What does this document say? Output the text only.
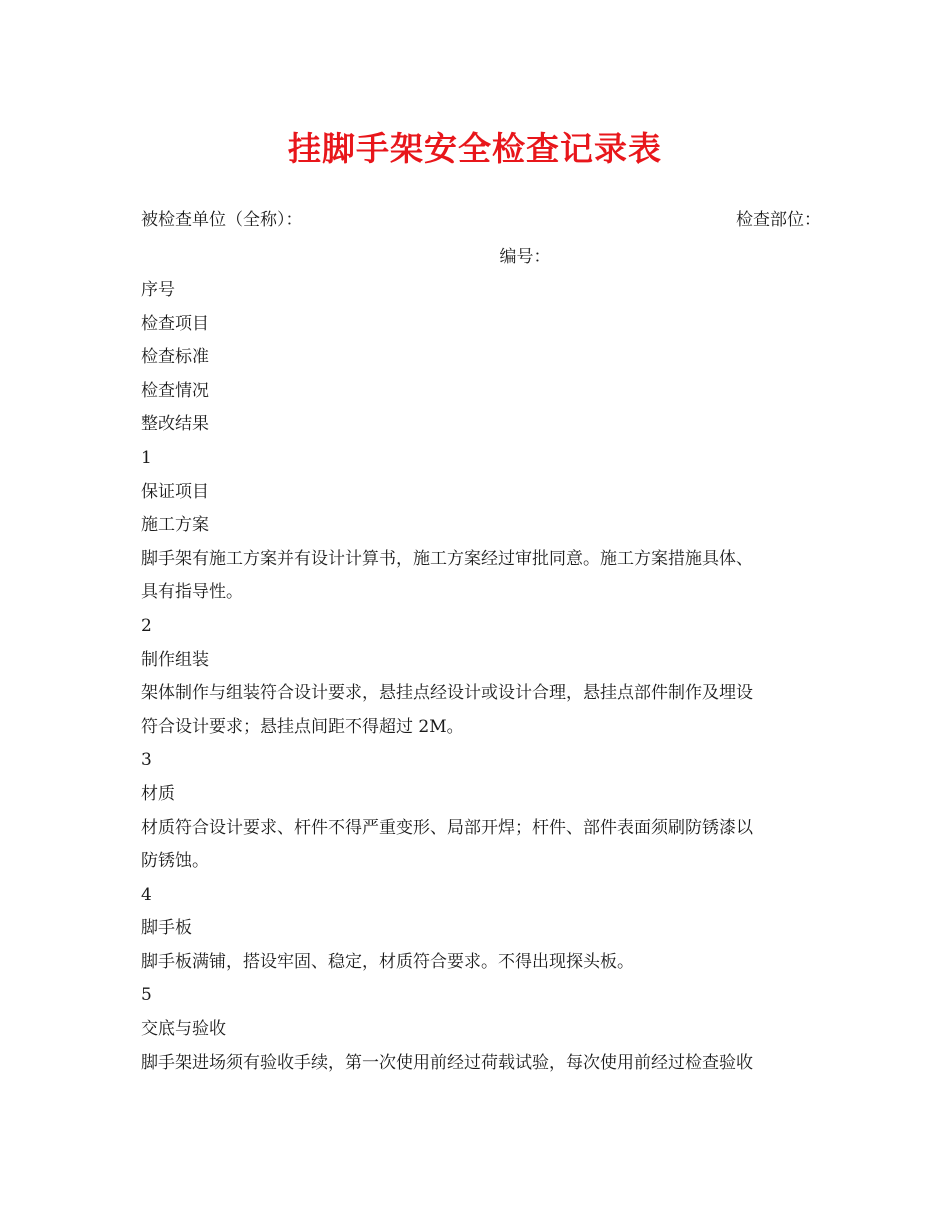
挂脚手架安全检查记录表
被检查单位（全称）：	检查部位：
编号：

序号

检查项目

检查标准

检查情况

整改结果

1

保证项目

施工方案

脚手架有施工方案并有设计计算书，施工方案经过审批同意。施工方案措施具体、

具有指导性。

2

制作组装

架体制作与组装符合设计要求，悬挂点经设计或设计合理，悬挂点部件制作及埋设

符合设计要求；悬挂点间距不得超过 2M。

3

材质

材质符合设计要求、杆件不得严重变形、局部开焊；杆件、部件表面须刷防锈漆以

防锈蚀。

4

脚手板

脚手板满铺，搭设牢固、稳定，材质符合要求。不得出现探头板。

5

交底与验收

脚手架进场须有验收手续，第一次使用前经过荷载试验，每次使用前经过检查验收
